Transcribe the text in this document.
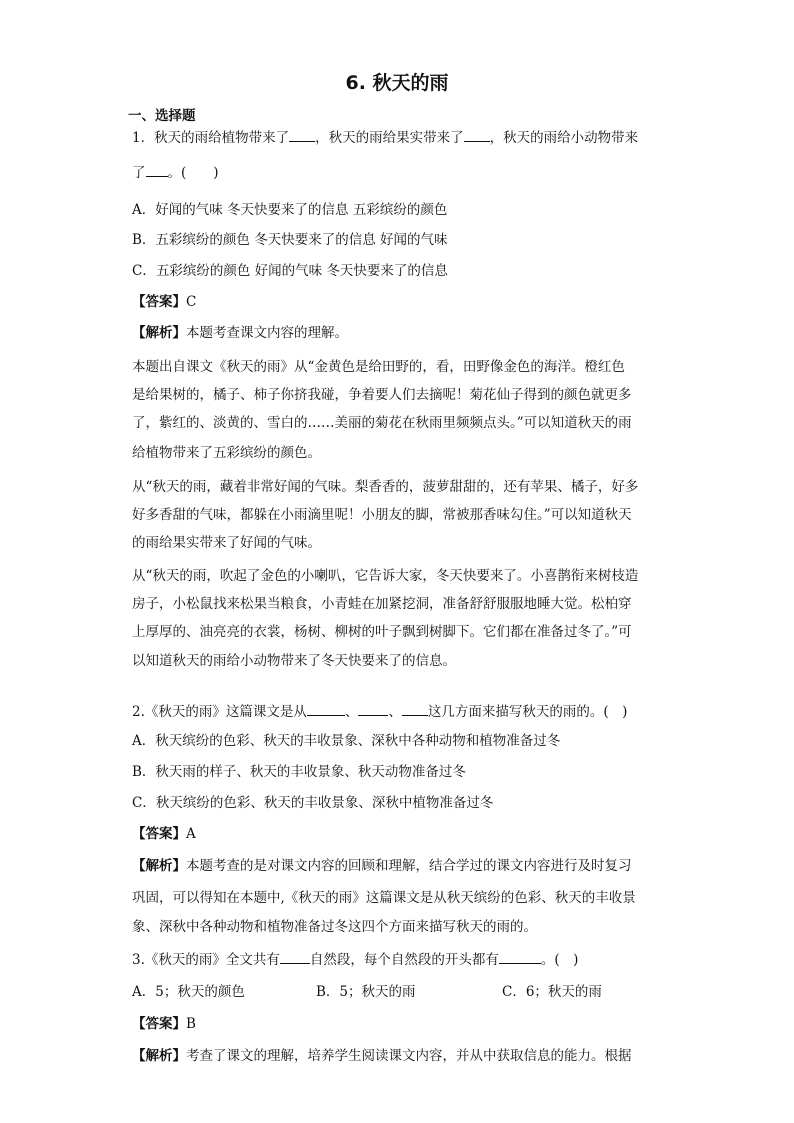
6. 秋天的雨
一、选择题
1．秋天的雨给植物带来了 ，秋天的雨给果实带来了 ，秋天的雨给小动物带来
了 。(　　)
A．好闻的气味 冬天快要来了的信息 五彩缤纷的颜色
B．五彩缤纷的颜色 冬天快要来了的信息 好闻的气味
C．五彩缤纷的颜色 好闻的气味 冬天快要来了的信息
【答案】C
【解析】本题考查课文内容的理解。
本题出自课文《秋天的雨》从“金黄色是给田野的，看，田野像金色的海洋。橙红色
是给果树的，橘子、柿子你挤我碰，争着要人们去摘呢！菊花仙子得到的颜色就更多
了，紫红的、淡黄的、雪白的……美丽的菊花在秋雨里频频点头。”可以知道秋天的雨
给植物带来了五彩缤纷的颜色。
从“秋天的雨，藏着非常好闻的气味。梨香香的，菠萝甜甜的，还有苹果、橘子，好多
好多香甜的气味，都躲在小雨滴里呢！小朋友的脚，常被那香味勾住。”可以知道秋天
的雨给果实带来了好闻的气味。
从“秋天的雨，吹起了金色的小喇叭，它告诉大家，冬天快要来了。小喜鹊衔来树枝造
房子，小松鼠找来松果当粮食，小青蛙在加紧挖洞，准备舒舒服服地睡大觉。松柏穿
上厚厚的、油亮亮的衣裳，杨树、柳树的叶子飘到树脚下。它们都在准备过冬了。”可
以知道秋天的雨给小动物带来了冬天快要来了的信息。
2.《秋天的雨》这篇课文是从	、 、 这几方面来描写秋天的雨的。(　)
A．秋天缤纷的色彩、秋天的丰收景象、深秋中各种动物和植物准备过冬
B．秋天雨的样子、秋天的丰收景象、秋天动物准备过冬
C．秋天缤纷的色彩、秋天的丰收景象、深秋中植物准备过冬
【答案】A
【解析】本题考查的是对课文内容的回顾和理解，结合学过的课文内容进行及时复习
巩固，可以得知在本题中,《秋天的雨》这篇课文是从秋天缤纷的色彩、秋天的丰收景
象、深秋中各种动物和植物准备过冬这四个方面来描写秋天的雨的。
3.《秋天的雨》全文共有 自然段，每个自然段的开头都有	。(　)
A．5；秋天的颜色	B．5；秋天的雨	C．6；秋天的雨
【答案】B
【解析】考查了课文的理解，培养学生阅读课文内容，并从中获取信息的能力。根据
